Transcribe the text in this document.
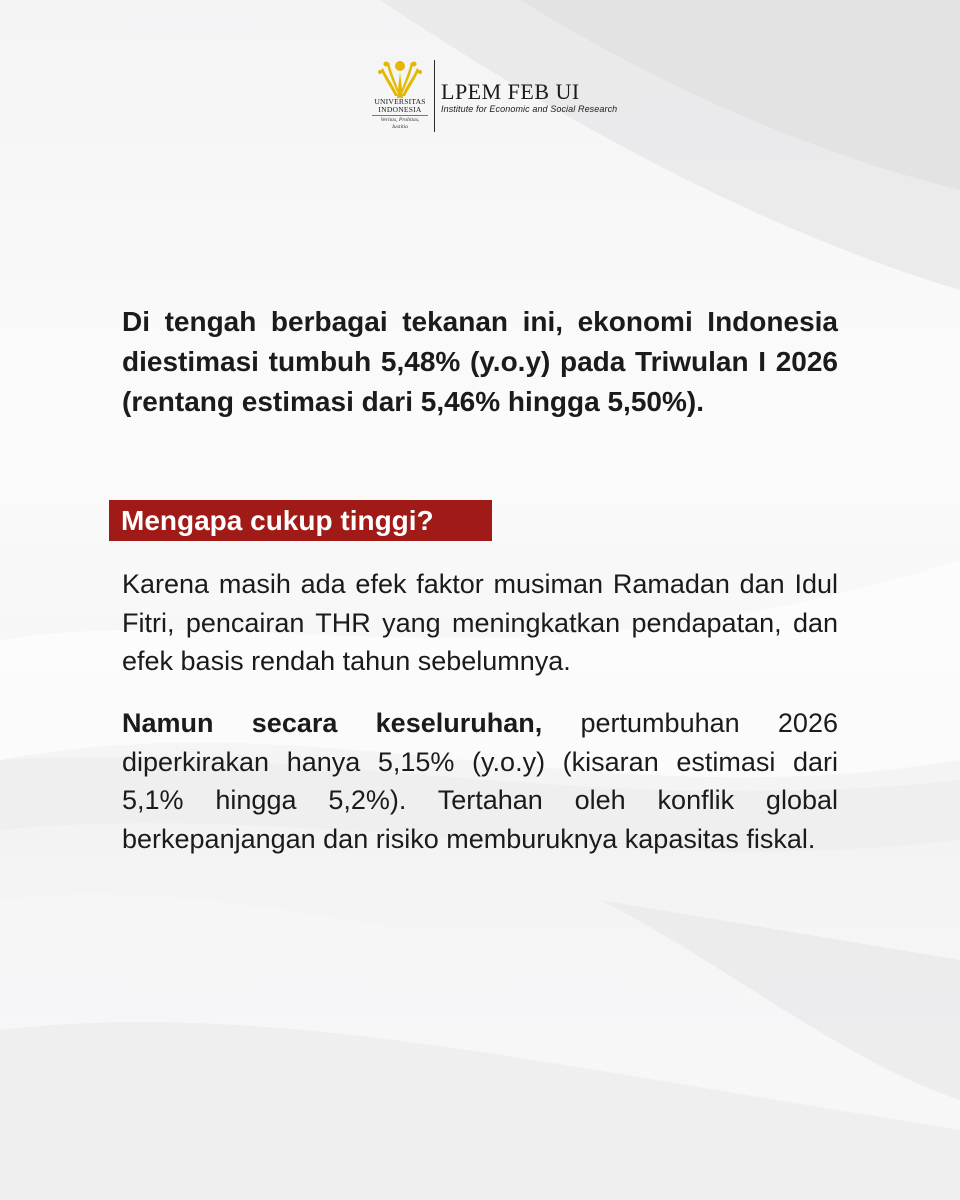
UNIVERSITAS
INDONESIA
Veritas, Probitas, Iustitia
LPEM FEB UI
Institute for Economic and Social Research
Di tengah berbagai tekanan ini, ekonomi Indonesia diestimasi tumbuh 5,48% (y.o.y) pada Triwulan I 2026 (rentang estimasi dari 5,46% hingga 5,50%).
Mengapa cukup tinggi?
Karena masih ada efek faktor musiman Ramadan dan Idul Fitri, pencairan THR yang meningkatkan pendapatan, dan efek basis rendah tahun sebelumnya.
Namun secara keseluruhan, pertumbuhan 2026 diperkirakan hanya 5,15% (y.o.y) (kisaran estimasi dari 5,1% hingga 5,2%). Tertahan oleh konflik global berkepanjangan dan risiko memburuknya kapasitas fiskal.
